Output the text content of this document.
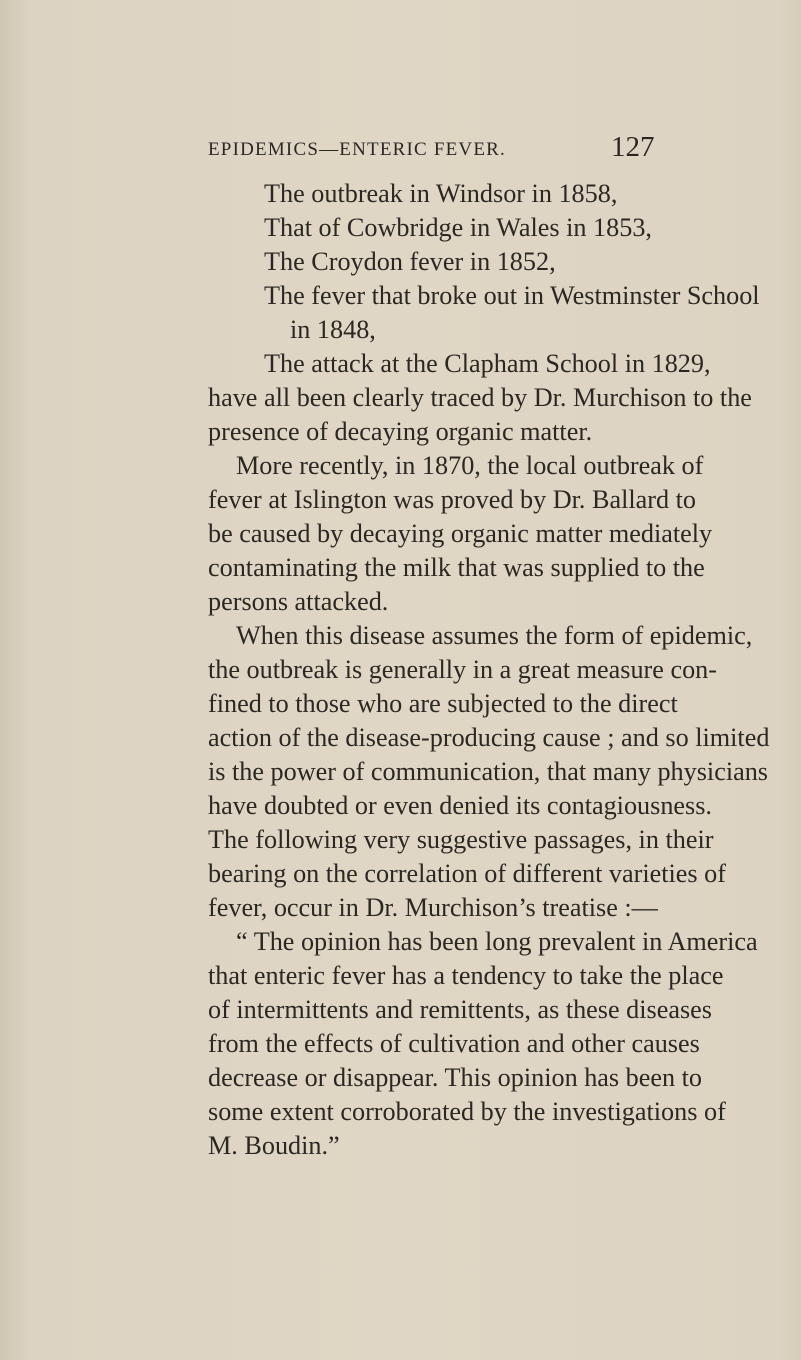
EPIDEMICS—ENTERIC FEVER.	127
The outbreak in Windsor in 1858,
That of Cowbridge in Wales in 1853,
The Croydon fever in 1852,
The fever that broke out in Westminster School
in 1848,
The attack at the Clapham School in 1829,
have all been clearly traced by Dr. Murchison to the
presence of decaying organic matter.
More recently, in 1870, the local outbreak of
fever at Islington was proved by Dr. Ballard to
be caused by decaying organic matter mediately
contaminating the milk that was supplied to the
persons attacked.
When this disease assumes the form of epidemic,
the outbreak is generally in a great measure con-
fined to those who are subjected to the direct
action of the disease-producing cause ; and so limited
is the power of communication, that many physicians
have doubted or even denied its contagiousness.
The following very suggestive passages, in their
bearing on the correlation of different varieties of
fever, occur in Dr. Murchison’s treatise :—
“ The opinion has been long prevalent in America
that enteric fever has a tendency to take the place
of intermittents and remittents, as these diseases
from the effects of cultivation and other causes
decrease or disappear. This opinion has been to
some extent corroborated by the investigations of
M. Boudin.”
